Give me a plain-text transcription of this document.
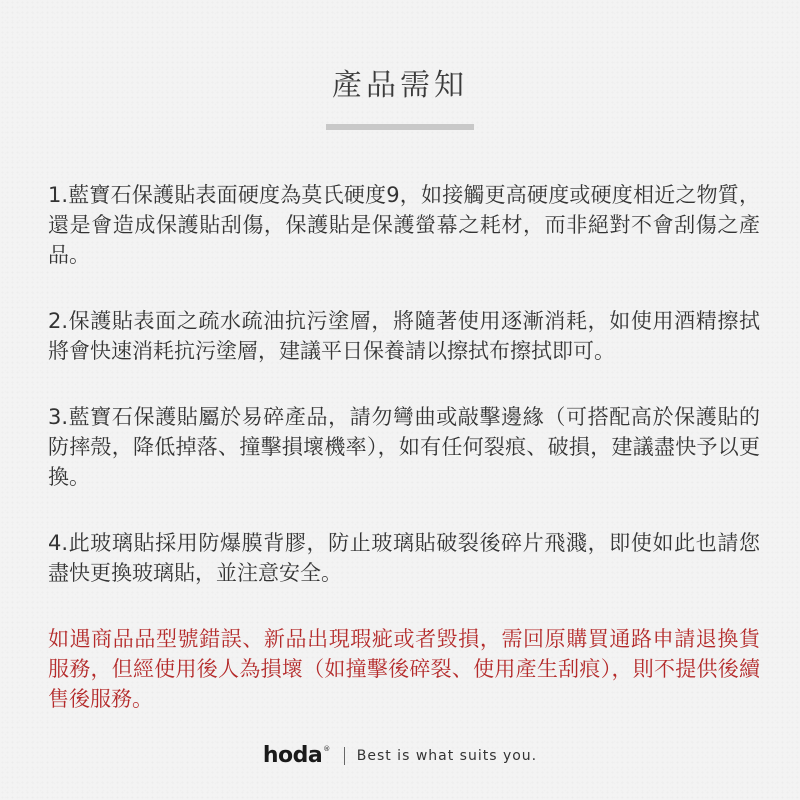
產品需知

1.藍寶石保護貼表面硬度為莫氏硬度9，如接觸更高硬度或硬度相近之物質，還是會造成保護貼刮傷，保護貼是保護螢幕之耗材，而非絕對不會刮傷之產品。

2.保護貼表面之疏水疏油抗污塗層，將隨著使用逐漸消耗，如使用酒精擦拭將會快速消耗抗污塗層，建議平日保養請以擦拭布擦拭即可。

3.藍寶石保護貼屬於易碎產品，請勿彎曲或敲擊邊緣（可搭配高於保護貼的防摔殼，降低掉落、撞擊損壞機率），如有任何裂痕、破損，建議盡快予以更換。

4.此玻璃貼採用防爆膜背膠，防止玻璃貼破裂後碎片飛濺，即使如此也請您盡快更換玻璃貼，並注意安全。

如遇商品品型號錯誤、新品出現瑕疵或者毀損，需回原購買通路申請退換貨服務，但經使用後人為損壞（如撞擊後碎裂、使用產生刮痕），則不提供後續售後服務。

hoda ® Best is what suits you.
